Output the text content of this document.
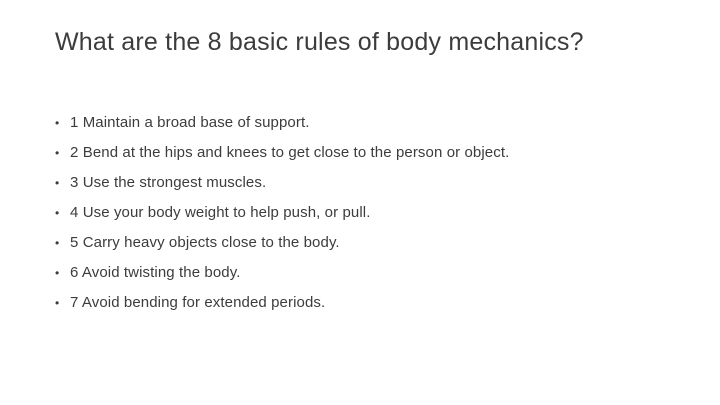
What are the 8 basic rules of body mechanics?
• 1 Maintain a broad base of support.
• 2 Bend at the hips and knees to get close to the person or object.
• 3 Use the strongest muscles.
• 4 Use your body weight to help push, or pull.
• 5 Carry heavy objects close to the body.
• 6 Avoid twisting the body.
• 7 Avoid bending for extended periods.
